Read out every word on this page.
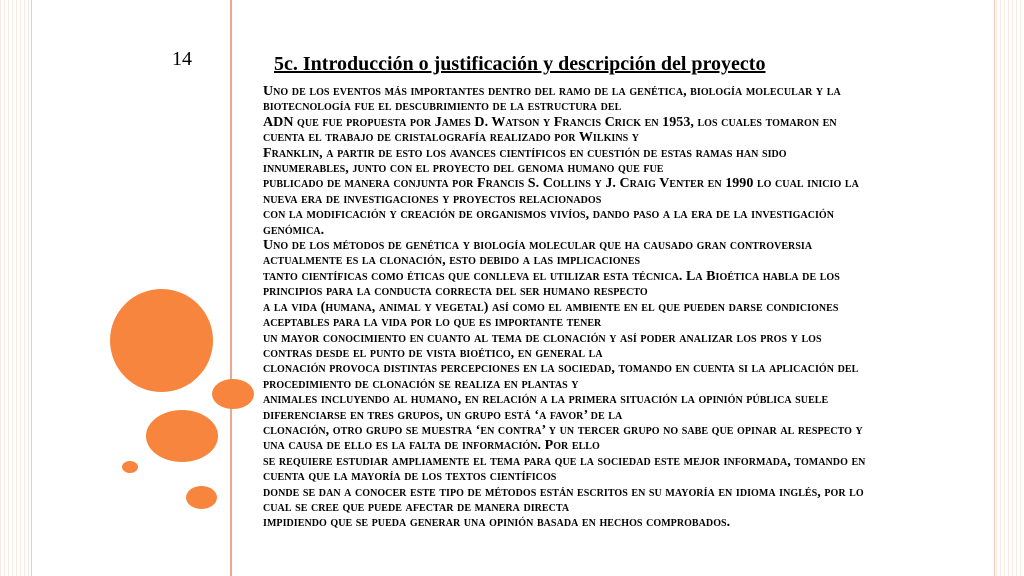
14	5c. Introducción o justificación y descripción del proyecto
Uno de los eventos más importantes dentro del ramo de la genética, biología molecular y la
biotecnología fue el descubrimiento de la estructura del
ADN que fue propuesta por James D. Watson y Francis Crick en 1953, los cuales tomaron en
cuenta el trabajo de cristalografía realizado por Wilkins y
Franklin, a partir de esto los avances científicos en cuestión de estas ramas han sido
innumerables, junto con el proyecto del genoma humano que fue
publicado de manera conjunta por Francis S. Collins y J. Craig Venter en 1990 lo cual inicio la
nueva era de investigaciones y proyectos relacionados
con la modificación y creación de organismos vivíos, dando paso a la era de la investigación
genómica.
Uno de los métodos de genética y biología molecular que ha causado gran controversia
actualmente es la clonación, esto debido a las implicaciones
tanto científicas como éticas que conlleva el utilizar esta técnica. La Bioética habla de los
principios para la conducta correcta del ser humano respecto
a la vida (humana, animal y vegetal) así como el ambiente en el que pueden darse condiciones
aceptables para la vida por lo que es importante tener
un mayor conocimiento en cuanto al tema de clonación y así poder analizar los pros y los
contras desde el punto de vista bioético, en general la
clonación provoca distintas percepciones en la sociedad, tomando en cuenta si la aplicación del
procedimiento de clonación se realiza en plantas y
animales incluyendo al humano, en relación a la primera situación la opinión pública suele
diferenciarse en tres grupos, un grupo está ‘a favor’ de la
clonación, otro grupo se muestra ‘en contra’ y un tercer grupo no sabe que opinar al respecto y
una causa de ello es la falta de información. Por ello
se requiere estudiar ampliamente el tema para que la sociedad este mejor informada, tomando en
cuenta que la mayoría de los textos científicos
donde se dan a conocer este tipo de métodos están escritos en su mayoría en idioma inglés, por lo
cual se cree que puede afectar de manera directa
impidiendo que se pueda generar una opinión basada en hechos comprobados.
